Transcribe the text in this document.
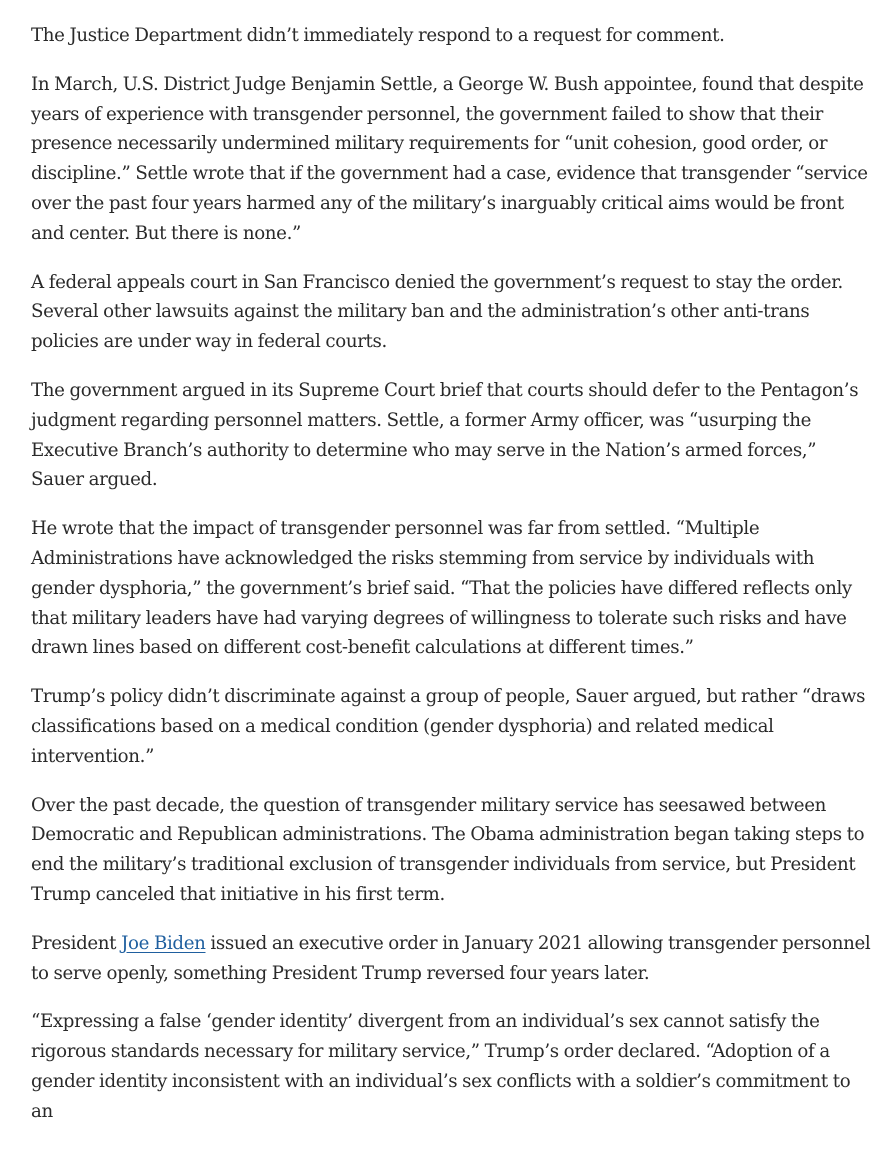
The Justice Department didn’t immediately respond to a request for comment.

In March, U.S. District Judge Benjamin Settle, a George W. Bush appointee, found that despite years of experience with transgender personnel, the government failed to show that their presence necessarily undermined military requirements for “unit cohesion, good order, or discipline.” Settle wrote that if the government had a case, evidence that transgender “service over the past four years harmed any of the military’s inarguably critical aims would be front and center. But there is none.”

A federal appeals court in San Francisco denied the government’s request to stay the order. Several other lawsuits against the military ban and the administration’s other anti-trans policies are under way in federal courts.

The government argued in its Supreme Court brief that courts should defer to the Pentagon’s judgment regarding personnel matters. Settle, a former Army officer, was “usurping the Executive Branch’s authority to determine who may serve in the Nation’s armed forces,” Sauer argued.

He wrote that the impact of transgender personnel was far from settled. “Multiple Administrations have acknowledged the risks stemming from service by individuals with gender dysphoria,” the government’s brief said. “That the policies have differed reflects only that military leaders have had varying degrees of willingness to tolerate such risks and have drawn lines based on different cost-benefit calculations at different times.”

Trump’s policy didn’t discriminate against a group of people, Sauer argued, but rather “draws classifications based on a medical condition (gender dysphoria) and related medical intervention.”

Over the past decade, the question of transgender military service has seesawed between Democratic and Republican administrations. The Obama administration began taking steps to end the military’s traditional exclusion of transgender individuals from service, but President Trump canceled that initiative in his first term.

President Joe Biden issued an executive order in January 2021 allowing transgender personnel to serve openly, something President Trump reversed four years later.

“Expressing a false ‘gender identity’ divergent from an individual’s sex cannot satisfy the rigorous standards necessary for military service,” Trump’s order declared. “Adoption of a gender identity inconsistent with an individual’s sex conflicts with a soldier’s commitment to an
